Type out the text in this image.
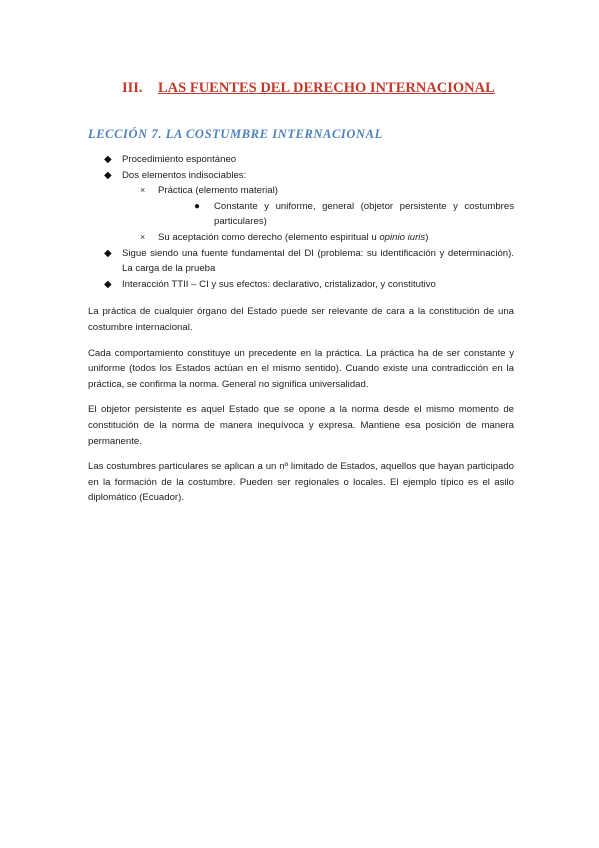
III. LAS FUENTES DEL DERECHO INTERNACIONAL
LECCIÓN 7. LA COSTUMBRE INTERNACIONAL
◆ Procedimiento espontáneo
◆ Dos elementos indisociables:
× Práctica (elemento material)
● Constante y uniforme, general (objetor persistente y costumbres particulares)
× Su aceptación como derecho (elemento espiritual u opinio iuris)
◆ Sigue siendo una fuente fundamental del DI (problema: su identificación y determinación). La carga de la prueba
◆ Interacción TTII – CI y sus efectos: declarativo, cristalizador, y constitutivo

La práctica de cualquier órgano del Estado puede ser relevante de cara a la constitución de una costumbre internacional.

Cada comportamiento constituye un precedente en la práctica. La práctica ha de ser constante y uniforme (todos los Estados actúan en el mismo sentido). Cuando existe una contradicción en la práctica, se confirma la norma. General no significa universalidad.

El objetor persistente es aquel Estado que se opone a la norma desde el mismo momento de constitución de la norma de manera inequívoca y expresa. Mantiene esa posición de manera permanente.

Las costumbres particulares se aplican a un nº limitado de Estados, aquellos que hayan participado en la formación de la costumbre. Pueden ser regionales o locales. El ejemplo típico es el asilo diplomático (Ecuador).
